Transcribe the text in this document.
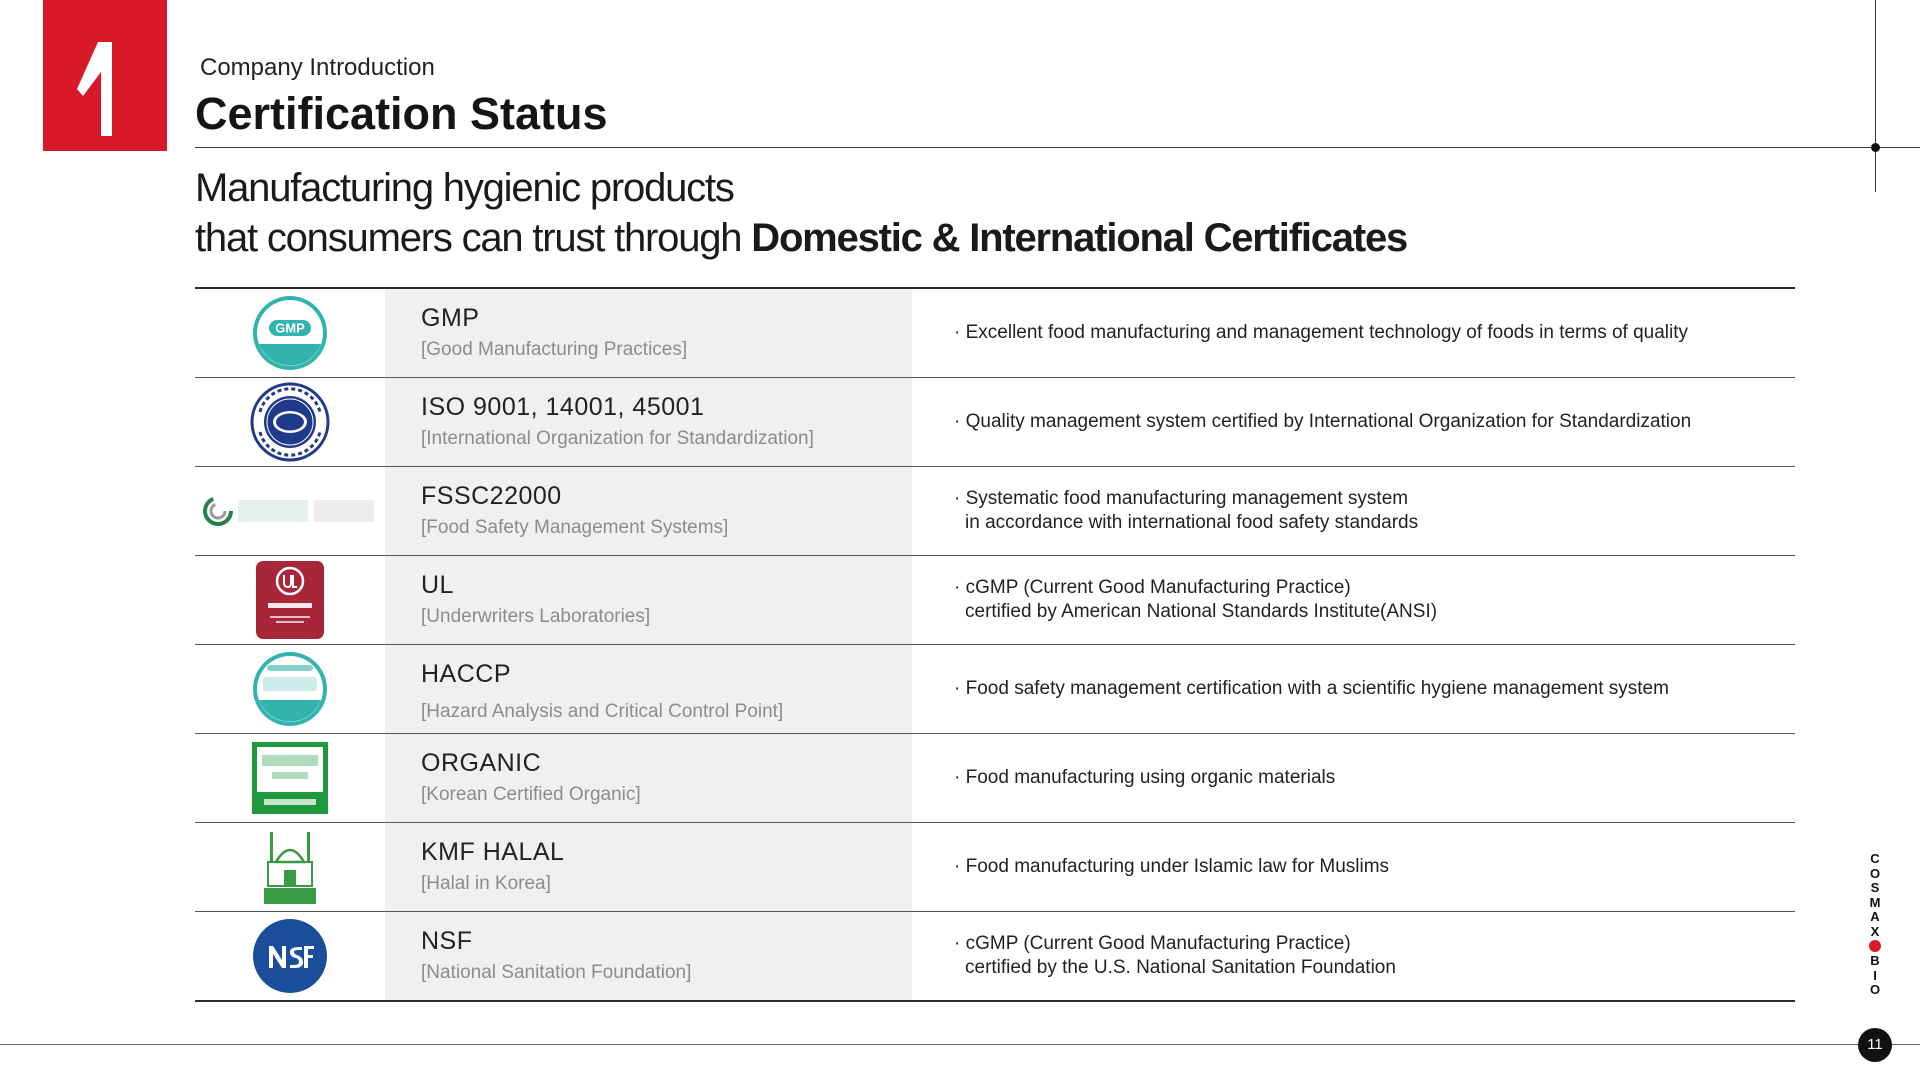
Company Introduction
Certification Status
Manufacturing hygienic products
that consumers can trust through Domestic & International Certificates
GMP	GMP
[Good Manufacturing Practices]
· Excellent food manufacturing and management technology of foods in terms of quality
ISO 9001, 14001, 45001
[International Organization for Standardization]
· Quality management system certified by International Organization for Standardization
FSSC22000
[Food Safety Management Systems]
· Systematic food manufacturing management system
in accordance with international food safety standards
UL
[Underwriters Laboratories]
· cGMP (Current Good Manufacturing Practice)
certified by American National Standards Institute(ANSI)
HACCP
[Hazard Analysis and Critical Control Point]
· Food safety management certification with a scientific hygiene management system
ORGANIC
[Korean Certified Organic]
· Food manufacturing using organic materials
KMF HALAL
[Halal in Korea]
· Food manufacturing under Islamic law for Muslims
NSF
[National Sanitation Foundation]
· cGMP (Current Good Manufacturing Practice)
certified by the U.S. National Sanitation Foundation
C
O
S
M
A
X
B
I
O
11
